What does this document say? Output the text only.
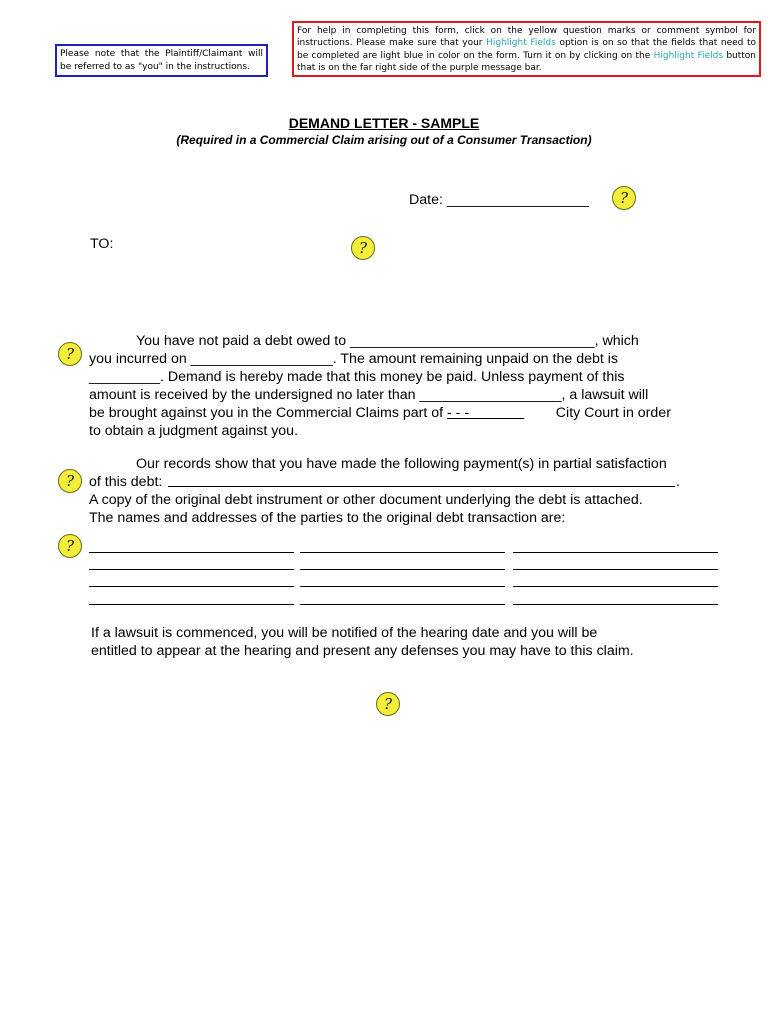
Please note that the Plaintiff/Claimant will be referred to as "you" in the instructions.
For help in completing this form, click on the yellow question marks or comment symbol for instructions. Please make sure that your Highlight Fields option is on so that the fields that need to be completed are light blue in color on the form. Turn it on by clicking on the Highlight Fields button that is on the far right side of the purple message bar.
DEMAND LETTER - SAMPLE
(Required in a Commercial Claim arising out of a Consumer Transaction)
Date: __________________	?
TO:	?
?
You have not paid a debt owed to _______________________________, which
you incurred on __________________. The amount remaining unpaid on the debt is
_________. Demand is hereby made that this money be paid. Unless payment of this
amount is received by the undersigned no later than __________________, a lawsuit will
be brought against you in the Commercial Claims part of - - -	City Court in order
to obtain a judgment against you.
?
Our records show that you have made the following payment(s) in partial satisfaction
of this debt:	.
A copy of the original debt instrument or other document underlying the debt is attached.
The names and addresses of the parties to the original debt transaction are:
?
If a lawsuit is commenced, you will be notified of the hearing date and you will be
entitled to appear at the hearing and present any defenses you may have to this claim.
?
